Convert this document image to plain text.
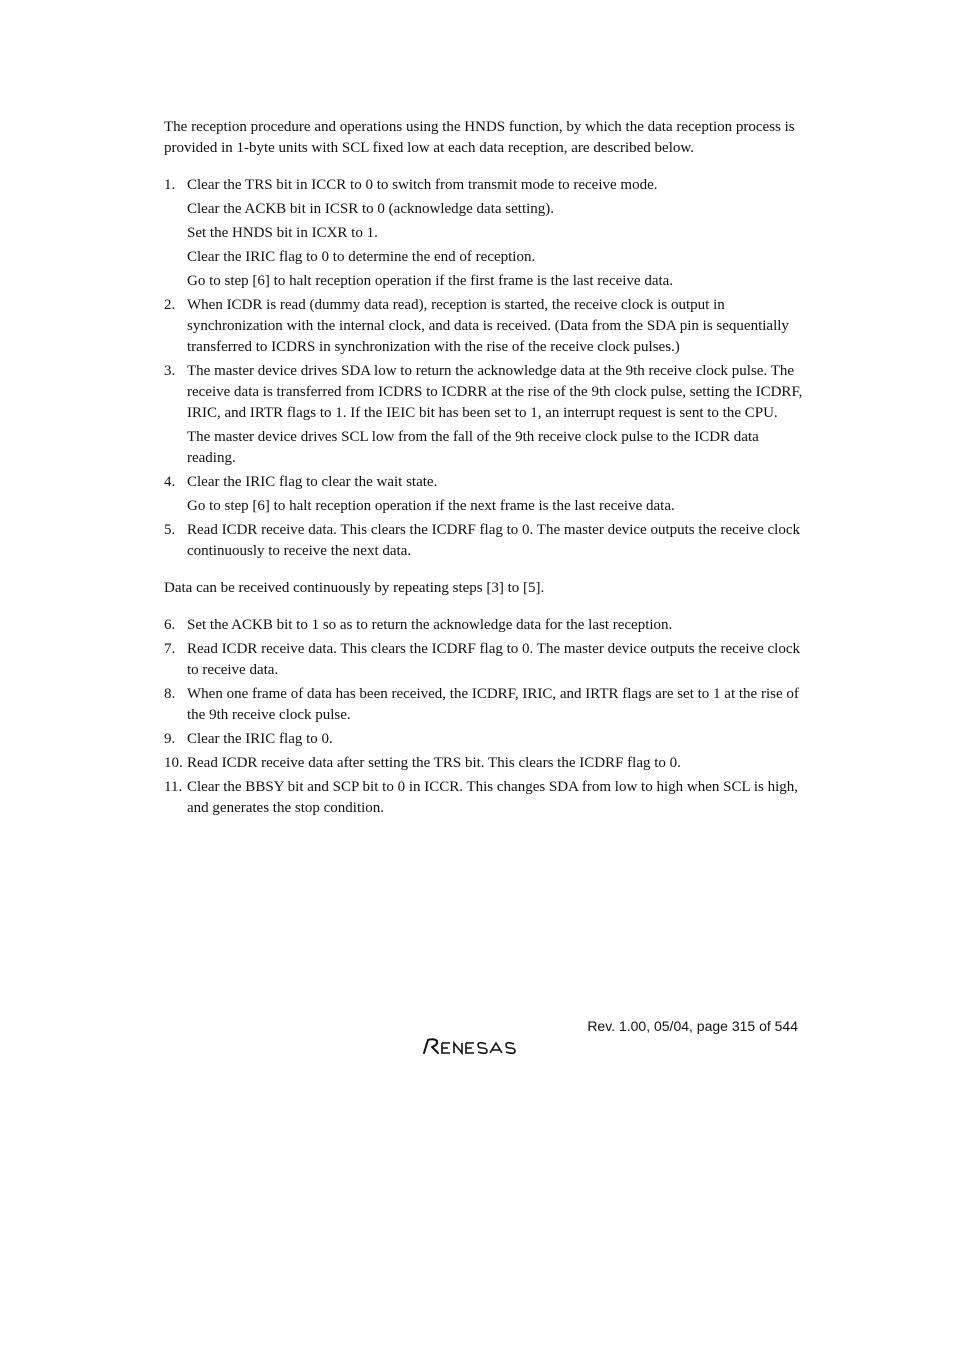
The reception procedure and operations using the HNDS function, by which the data reception process is provided in 1-byte units with SCL fixed low at each data reception, are described below.

1. Clear the TRS bit in ICCR to 0 to switch from transmit mode to receive mode.
Clear the ACKB bit in ICSR to 0 (acknowledge data setting).
Set the HNDS bit in ICXR to 1.
Clear the IRIC flag to 0 to determine the end of reception.
Go to step [6] to halt reception operation if the first frame is the last receive data.
2. When ICDR is read (dummy data read), reception is started, the receive clock is output in synchronization with the internal clock, and data is received. (Data from the SDA pin is sequentially transferred to ICDRS in synchronization with the rise of the receive clock pulses.)
3. The master device drives SDA low to return the acknowledge data at the 9th receive clock pulse. The receive data is transferred from ICDRS to ICDRR at the rise of the 9th clock pulse, setting the ICDRF, IRIC, and IRTR flags to 1. If the IEIC bit has been set to 1, an interrupt request is sent to the CPU.
The master device drives SCL low from the fall of the 9th receive clock pulse to the ICDR data reading.
4. Clear the IRIC flag to clear the wait state.
Go to step [6] to halt reception operation if the next frame is the last receive data.
5. Read ICDR receive data. This clears the ICDRF flag to 0. The master device outputs the receive clock continuously to receive the next data.

Data can be received continuously by repeating steps [3] to [5].

6. Set the ACKB bit to 1 so as to return the acknowledge data for the last reception.
7. Read ICDR receive data. This clears the ICDRF flag to 0. The master device outputs the receive clock to receive data.
8. When one frame of data has been received, the ICDRF, IRIC, and IRTR flags are set to 1 at the rise of the 9th receive clock pulse.
9. Clear the IRIC flag to 0.
10. Read ICDR receive data after setting the TRS bit. This clears the ICDRF flag to 0.
11. Clear the BBSY bit and SCP bit to 0 in ICCR. This changes SDA from low to high when SCL is high, and generates the stop condition.
Rev. 1.00, 05/04, page 315 of 544
